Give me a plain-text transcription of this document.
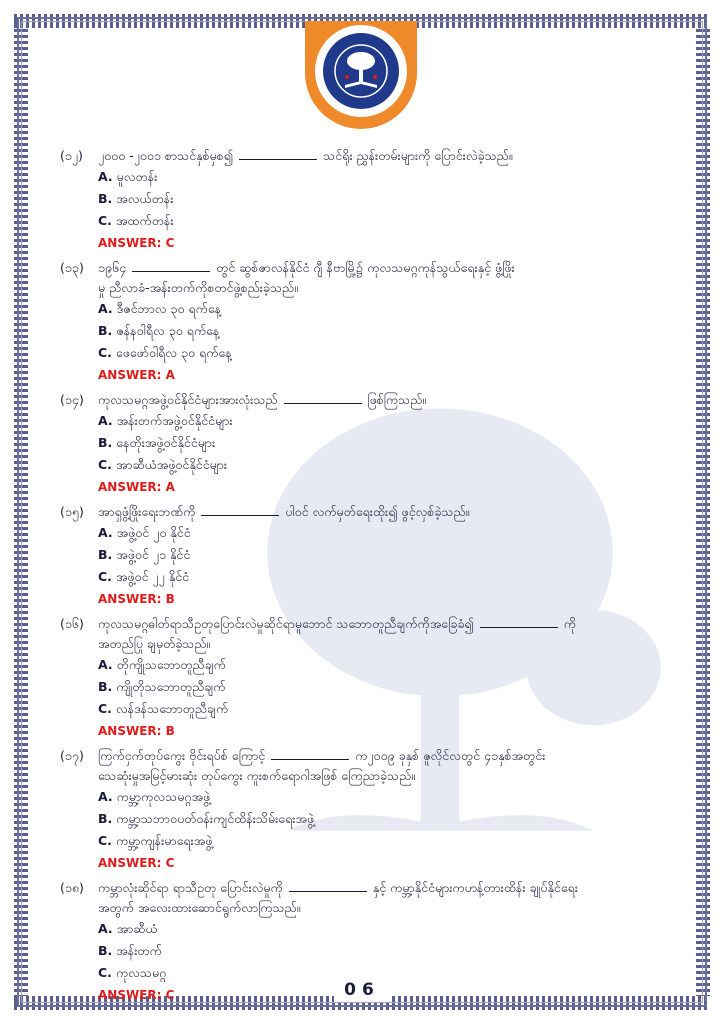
(၁၂) ၂၀၀၀ -၂၀၀၁ စာသင်နှစ်မှစ၍	သင်ရိုး ညွှန်းတမ်းများကို ပြောင်းလဲခဲ့သည်။
A. မူလတန်း
B. အလယ်တန်း
C. အထက်တန်း
ANSWER: C
(၁၃) ၁၉၆၄	တွင် ဆွစ်ဇာလန်နိုင်ငံ ဂျီ နီဗာမြို့၌ ကုလသမဂ္ဂကုန်သွယ်ရေးနှင့် ဖွံ့ဖြိုး
မှု ညီလာခံ-အန်းတက်ကိုစတင်ဖွဲ့စည်းခဲ့သည်။
A. ဒီဇင်ဘာလ ၃၀ ရက်နေ့
B. ဇန်နဝါရီလ ၃၀ ရက်နေ့
C. ဖေဖော်ဝါရီလ ၃၀ ရက်နေ့
ANSWER: A
(၁၄) ကုလသမဂ္ဂအဖွဲ့ဝင်နိုင်ငံများအားလုံးသည်	ဖြစ်ကြသည်။
A. အန်းတက်အဖွဲ့ဝင်နိုင်ငံများ
B. နေတိုးအဖွဲ့ဝင်နိုင်ငံများ
C. အာဆီယံအဖွဲ့ဝင်နိုင်ငံများ
ANSWER: A
(၁၅) အာရှဖွံ့ဖြိုးရေးဘဏ်ကို	ပါဝင် လက်မှတ်ရေးထိုး၍ ဖွင့်လှစ်ခဲ့သည်။
A. အဖွဲ့ဝင် ၂၀ နိုင်ငံ
B. အဖွဲ့ဝင် ၂၁ နိုင်ငံ
C. အဖွဲ့ဝင် ၂၂ နိုင်ငံ
ANSWER: B
(၁၆) ကုလသမဂ္ဂဓါတ်ရာသီဥတုပြောင်းလဲမှုဆိုင်ရာမူဘောင် သဘောတူညီချက်ကိုအခြေခံ၍	ကို
အတည်ပြု ချမှတ်ခဲ့သည်။
A. တိုကျိုသဘောတူညီချက်
B. ကျိုတိုသဘောတူညီချက်
C. လန်ဒန်သဘောတူညီချက်
ANSWER: B
(၁၇) ကြက်ငှက်တုပ်ကွေး ဗိုင်းရပ်စ် ကြောင့်	က၂၀၀၉ ခုနှစ် ဇူလိုင်လတွင် ၄၁နှစ်အတွင်း
သေဆုံးမှုအမြင့်မားဆုံး တုပ်ကွေး ကူးစက်ရောဂါအဖြစ် ကြေညာခဲ့သည်။
A. ကမ္ဘာ့ကုလသမဂ္ဂအဖွဲ့
B. ကမ္ဘာ့သဘာဝပတ်ဝန်းကျင်ထိန်းသိမ်းရေးအဖွဲ့
C. ကမ္ဘာ့ကျန်းမာရေးအဖွဲ့
ANSWER: C
(၁၈) ကမ္ဘာလုံးဆိုင်ရာ ရာသီဥတု ပြောင်းလဲမှုကို	နှင့် ကမ္ဘာ့နိုင်ငံများကဟန့်တားထိန်း ချုပ်နိုင်ရေး
အတွက် အလေးထားဆောင်ရွက်လာကြသည်။
A. အာဆီယံ
B. အန်းတက်
C. ကုလသမဂ္ဂ
ANSWER: C	06
